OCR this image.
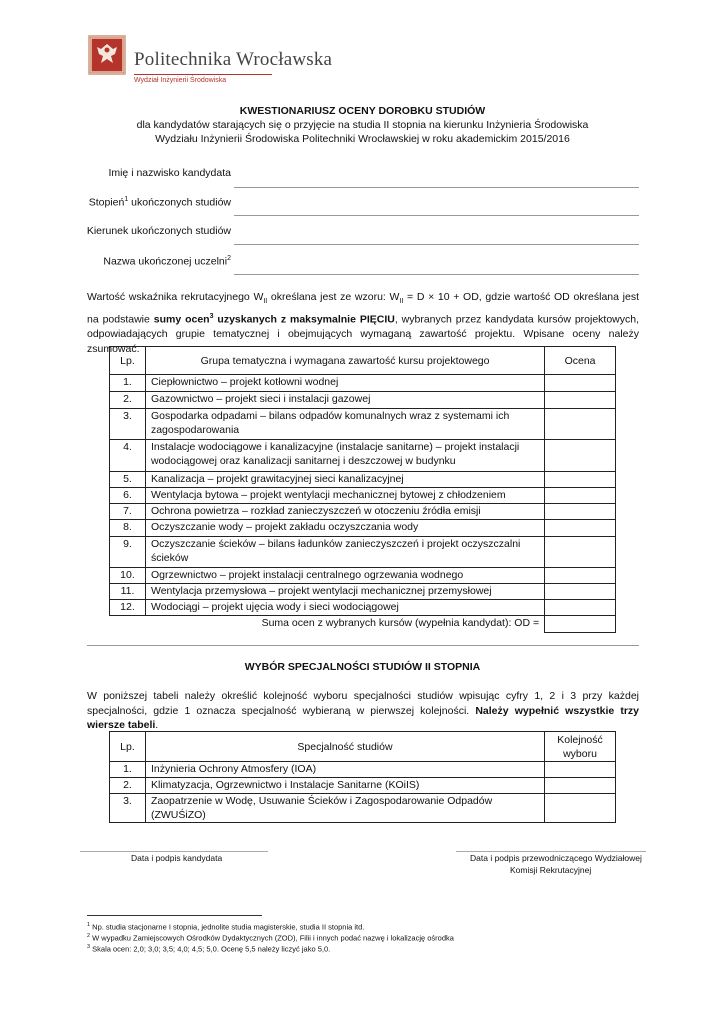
Politechnika Wrocławska
Wydział Inżynierii Środowiska
KWESTIONARIUSZ OCENY DOROBKU STUDIÓW
dla kandydatów starających się o przyjęcie na studia II stopnia na kierunku Inżynieria Środowiska
Wydziału Inżynierii Środowiska Politechniki Wrocławskiej w roku akademickim 2015/2016
Imię i nazwisko kandydata
Stopień$^1$ ukończonych studiów
Kierunek ukończonych studiów
Nazwa ukończonej uczelni$^2$
Wartość wskaźnika rekrutacyjnego $W_{II}$ określana jest ze wzoru: $W_{II} = D \times 10$ + OD, gdzie wartość OD określana jest na podstawie sumy ocen$^3$ uzyskanych z maksymalnie PIĘCIU, wybranych przez kandydata kursów projektowych, odpowiadających grupie tematycznej i obejmujących wymaganą zawartość projektu. Wpisane oceny należy zsumować.
Lp.	Grupa tematyczna i wymagana zawartość kursu projektowego	Ocena
1.	Ciepłownictwo – projekt kotłowni wodnej	
2.	Gazownictwo – projekt sieci i instalacji gazowej	
3.	Gospodarka odpadami – bilans odpadów komunalnych wraz z systemami ich zagospodarowania	
4.	Instalacje wodociągowe i kanalizacyjne (instalacje sanitarne) – projekt instalacji wodociągowej oraz kanalizacji sanitarnej i deszczowej w budynku	
5.	Kanalizacja – projekt grawitacyjnej sieci kanalizacyjnej	
6.	Wentylacja bytowa – projekt wentylacji mechanicznej bytowej z chłodzeniem	
7.	Ochrona powietrza – rozkład zanieczyszczeń w otoczeniu źródła emisji	
8.	Oczyszczanie wody – projekt zakładu oczyszczania wody	
9.	Oczyszczanie ścieków – bilans ładunków zanieczyszczeń i projekt oczyszczalni ścieków	
10.	Ogrzewnictwo – projekt instalacji centralnego ogrzewania wodnego	
11.	Wentylacja przemysłowa – projekt wentylacji mechanicznej przemysłowej	
12.	Wodociągi – projekt ujęcia wody i sieci wodociągowej	
Suma ocen z wybranych kursów (wypełnia kandydat): OD =		
WYBÓR SPECJALNOŚCI STUDIÓW II STOPNIA
W poniższej tabeli należy określić kolejność wyboru specjalności studiów wpisując cyfry 1, 2 i 3 przy każdej specjalności, gdzie 1 oznacza specjalność wybieraną w pierwszej kolejności. Należy wypełnić wszystkie trzy wiersze tabeli.
Lp.	Specjalność studiów	Kolejność wyboru
1.	Inżynieria Ochrony Atmosfery (IOA)	
2.	Klimatyzacja, Ogrzewnictwo i Instalacje Sanitarne (KOiIS)	
3.	Zaopatrzenie w Wodę, Usuwanie Ścieków i Zagospodarowanie Odpadów (ZWUŚiZO)	
Data i podpis kandydata	Data i podpis przewodniczącego Wydziałowej
Komisji Rekrutacyjnej
$^1$ Np. studia stacjonarne I stopnia, jednolite studia magisterskie, studia II stopnia itd.
$^2$ W wypadku Zamiejscowych Ośrodków Dydaktycznych (ZOD), Filii i innych podać nazwę i lokalizację ośrodka
$^3$ Skala ocen: 2,0; 3,0; 3,5; 4,0; 4,5; 5,0. Ocenę 5,5 należy liczyć jako 5,0.
